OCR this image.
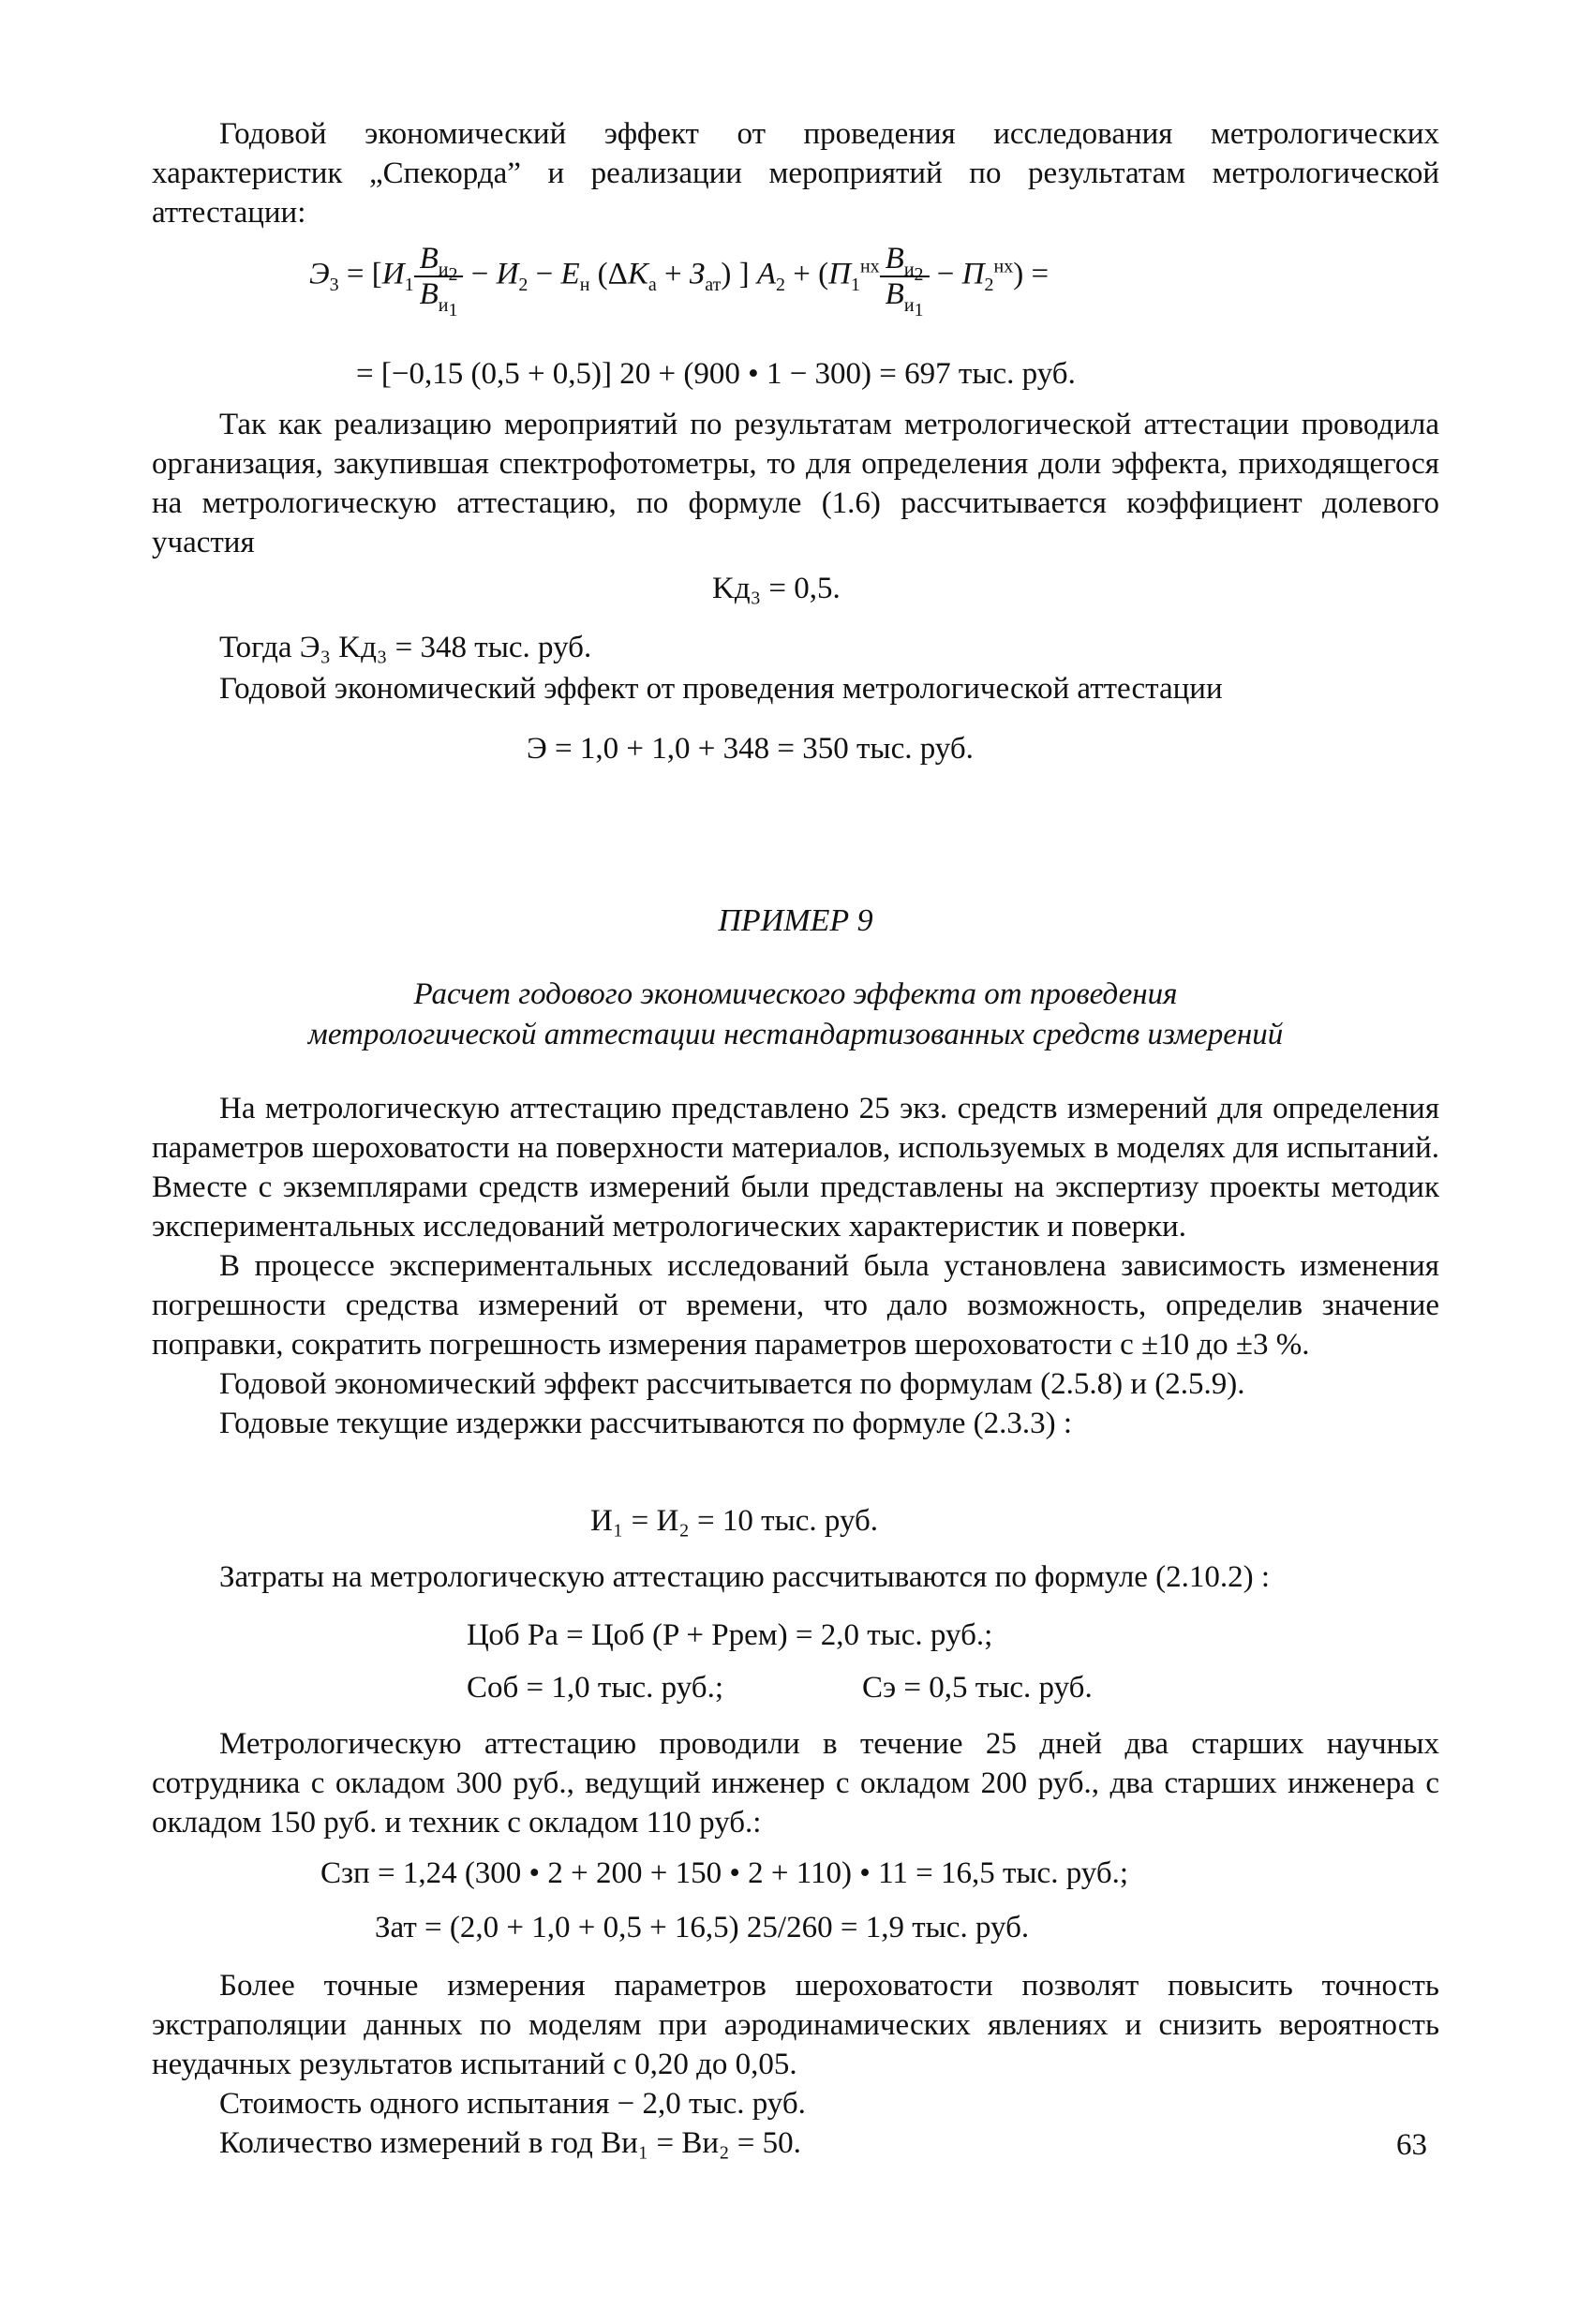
Годовой экономический эффект от проведения исследования метрологических характеристик „Спекорда” и реализации мероприятий по результатам метрологической аттестации:

$Э_3 = [И_1 \frac{B_{и_2}}{B_{и_1}} - И_2 - E_н$ $(\Delta K_а + З_{ат})$ ] $A_2 + (П_1^{нх} \frac{B_{и_2}}{B_{и_1}} - П_2^{нх})$ =
= [−0,15 (0,5 + 0,5)] 20 + (900 • 1 − 300) = 697 тыс. руб.

Так как реализацию мероприятий по результатам метрологической аттестации проводила организация, закупившая спектрофотометры, то для определения доли эффекта, приходящегося на метрологическую аттестацию, по формуле (1.6) рассчитывается коэффициент долевого участия

Kд₃ = 0,5.
Тогда Э₃ Kд₃ = 348 тыс. руб.

Годовой экономический эффект от проведения метрологической аттестации

Э = 1,0 + 1,0 + 348 = 350 тыс. руб.
ПРИМЕР 9
Расчет годового экономического эффекта от проведения
метрологической аттестации нестандартизованных средств измерений

На метрологическую аттестацию представлено 25 экз. средств измерений для определения параметров шероховатости на поверхности материалов, используемых в моделях для испытаний. Вместе с экземплярами средств измерений были представлены на экспертизу проекты методик экспериментальных исследований метрологических характеристик и поверки.

В процессе экспериментальных исследований была установлена зависимость изменения погрешности средства измерений от времени, что дало возможность, определив значение поправки, сократить погрешность измерения параметров шероховатости с ±10 до ±3 %.

Годовой экономический эффект рассчитывается по формулам (2.5.8) и (2.5.9).

Годовые текущие издержки рассчитываются по формуле (2.3.3) :

И₁ = И₂ = 10 тыс. руб.

Затраты на метрологическую аттестацию рассчитываются по формуле (2.10.2) :

Цоб Pа = Цоб (P + Pрем) = 2,0 тыс. руб.;
Cоб = 1,0 тыс. руб.;	Cэ = 0,5 тыс. руб.

Метрологическую аттестацию проводили в течение 25 дней два старших научных сотрудника с окладом 300 руб., ведущий инженер с окладом 200 руб., два старших инженера с окладом 150 руб. и техник с окладом 110 руб.:

Cзп = 1,24 (300 • 2 + 200 + 150 • 2 + 110) • 11 = 16,5 тыс. руб.;
Зат = (2,0 + 1,0 + 0,5 + 16,5) 25/260 = 1,9 тыс. руб.

Более точные измерения параметров шероховатости позволят повысить точность экстраполяции данных по моделям при аэродинамических явлениях и снизить вероятность неудачных результатов испытаний с 0,20 до 0,05.

Стоимость одного испытания − 2,0 тыс. руб.

Количество измерений в год Bи₁ = Bи₂ = 50.	63
